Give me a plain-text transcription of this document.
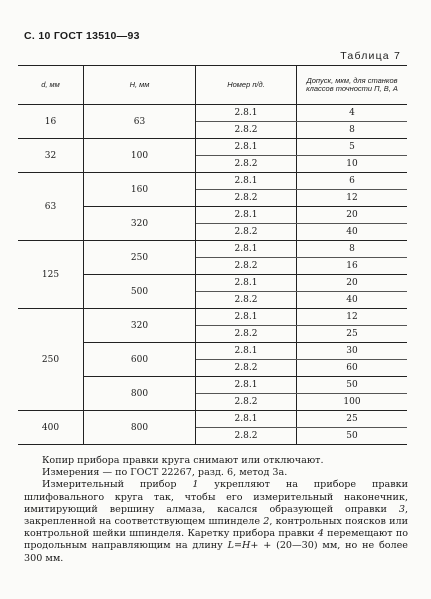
С. 10 ГОСТ 13510—93
Таблица 7
d, мм	Н, мм	Номер п/д.	Допуск, мкм, для станков классов точности П, В, А
16	63	2.8.1	4
		2.8.2	8
32	100	2.8.1	5
		2.8.2	10
63	160	2.8.1	6
		2.8.2	12
	320	2.8.1	20
		2.8.2	40
125	250	2.8.1	8
		2.8.2	16
	500	2.8.1	20
		2.8.2	40
250	320	2.8.1	12
		2.8.2	25
	600	2.8.1	30
		2.8.2	60
	800	2.8.1	50
		2.8.2	100
400	800	2.8.1	25
		2.8.2	50

Копир прибора правки круга снимают или отключают.

Измерения — по ГОСТ 22267, разд. 6, метод 3а.

Измерительный прибор 1 укрепляют на приборе правки шлифовального круга так, чтобы его измерительный наконечник, имитирующий вершину алмаза, касался образующей оправки 3, закрепленной на соответствующем шпинделе 2, контрольных поясков или контрольной шейки шпинделя. Каретку прибора правки 4 перемещают по продольным направляющим на длину L=H+ + (20—30) мм, но не более 300 мм.
